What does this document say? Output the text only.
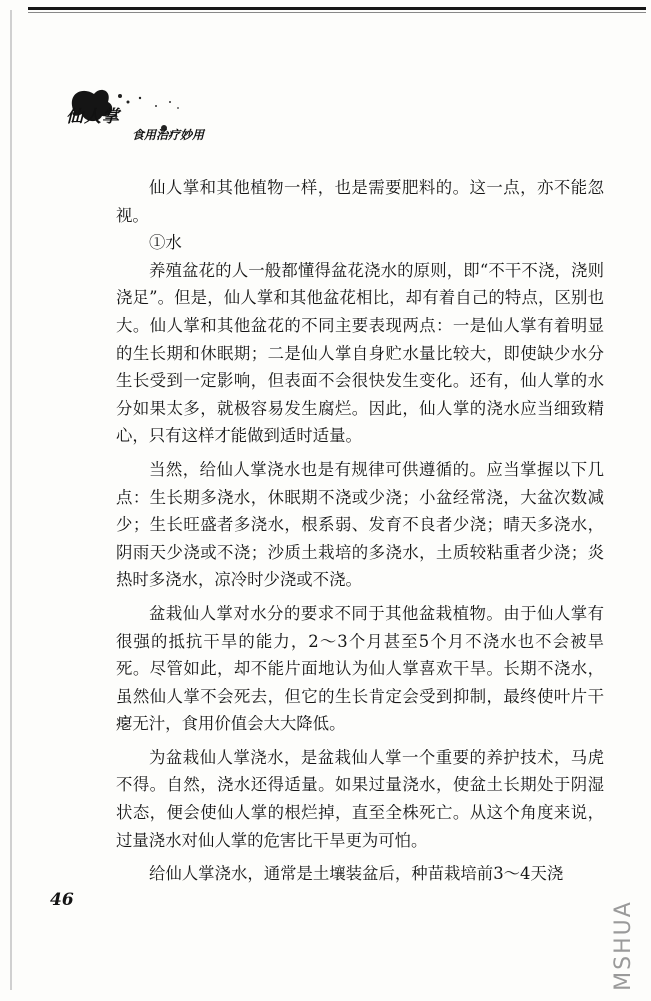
仙人掌
食用治疗妙用

仙人掌和其他植物一样，也是需要肥料的。这一点，亦不能忽视。

①水

养殖盆花的人一般都懂得盆花浇水的原则，即“不干不浇，浇则浇足”。但是，仙人掌和其他盆花相比，却有着自己的特点，区别也大。仙人掌和其他盆花的不同主要表现两点：一是仙人掌有着明显的生长期和休眠期；二是仙人掌自身贮水量比较大，即使缺少水分生长受到一定影响，但表面不会很快发生变化。还有，仙人掌的水分如果太多，就极容易发生腐烂。因此，仙人掌的浇水应当细致精心，只有这样才能做到适时适量。

当然，给仙人掌浇水也是有规律可供遵循的。应当掌握以下几点：生长期多浇水，休眠期不浇或少浇；小盆经常浇，大盆次数减少；生长旺盛者多浇水，根系弱、发育不良者少浇；晴天多浇水，阴雨天少浇或不浇；沙质土栽培的多浇水，土质较粘重者少浇；炎热时多浇水，凉冷时少浇或不浇。

盆栽仙人掌对水分的要求不同于其他盆栽植物。由于仙人掌有很强的抵抗干旱的能力，2～3个月甚至5个月不浇水也不会被旱死。尽管如此，却不能片面地认为仙人掌喜欢干旱。长期不浇水，虽然仙人掌不会死去，但它的生长肯定会受到抑制，最终使叶片干瘪无汁，食用价值会大大降低。

为盆栽仙人掌浇水，是盆栽仙人掌一个重要的养护技术，马虎不得。自然，浇水还得适量。如果过量浇水，使盆土长期处于阴湿状态，便会使仙人掌的根烂掉，直至全株死亡。从这个角度来说，过量浇水对仙人掌的危害比干旱更为可怕。

给仙人掌浇水，通常是土壤装盆后，种苗栽培前3～4天浇

46	MSHUA
